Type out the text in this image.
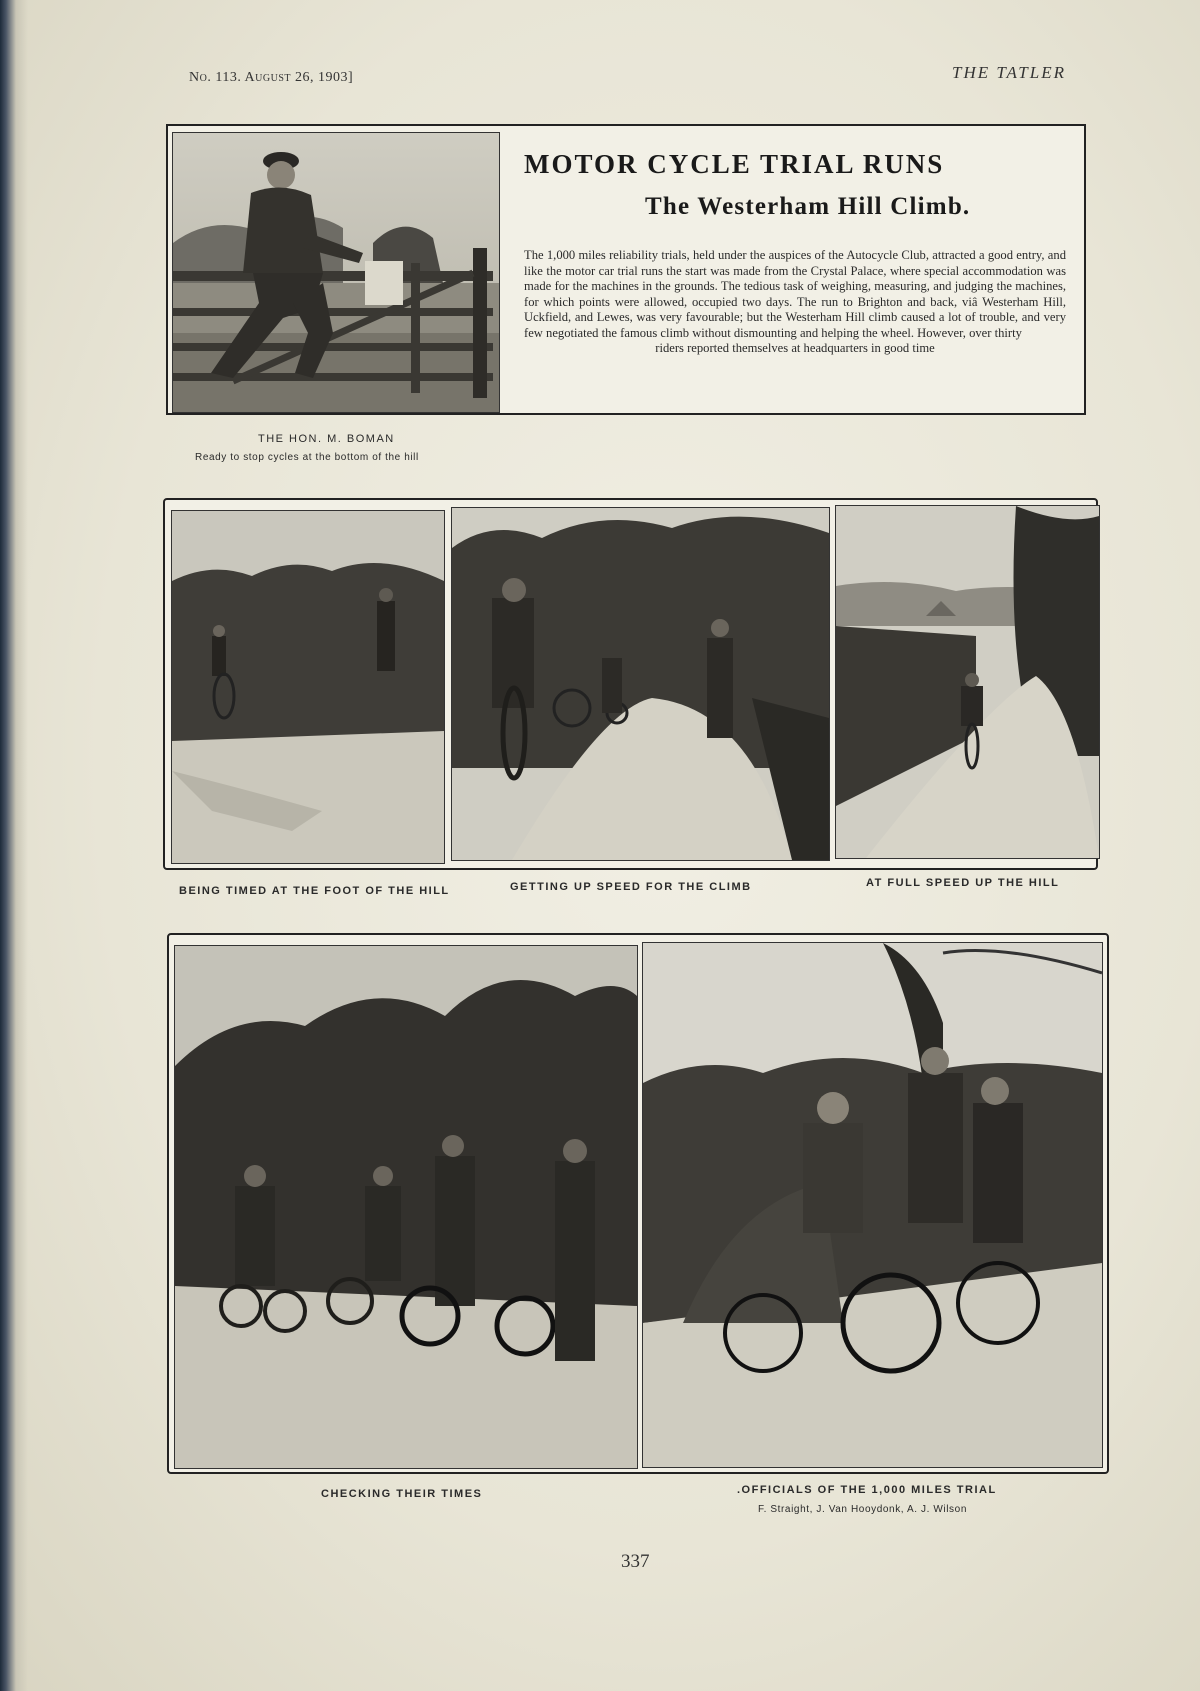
No. 113. August 26, 1903]	THE TATLER
MOTOR CYCLE TRIAL RUNS
The Westerham Hill Climb.

The 1,000 miles reliability trials, held under the auspices of the Autocycle Club, attracted a good entry, and like the motor car trial runs the start was made from the Crystal Palace, where special accommodation was made for the machines in the grounds. The tedious task of weighing, measuring, and judging the machines, for which points were allowed, occupied two days. The run to Brighton and back, viâ Westerham Hill, Uckfield, and Lewes, was very favourable; but the Westerham Hill climb caused a lot of trouble, and very few negotiated the famous climb without dismounting and helping the wheel. However, over thirty

riders reported themselves at headquarters in good time

THE HON. M. BOMAN
Ready to stop cycles at the bottom of the hill
BEING TIMED AT THE FOOT OF THE HILL	GETTING UP SPEED FOR THE CLIMB	AT FULL SPEED UP THE HILL
CHECKING THEIR TIMES	.OFFICIALS OF THE 1,000 MILES TRIAL
F. Straight, J. Van Hooydonk, A. J. Wilson
337
